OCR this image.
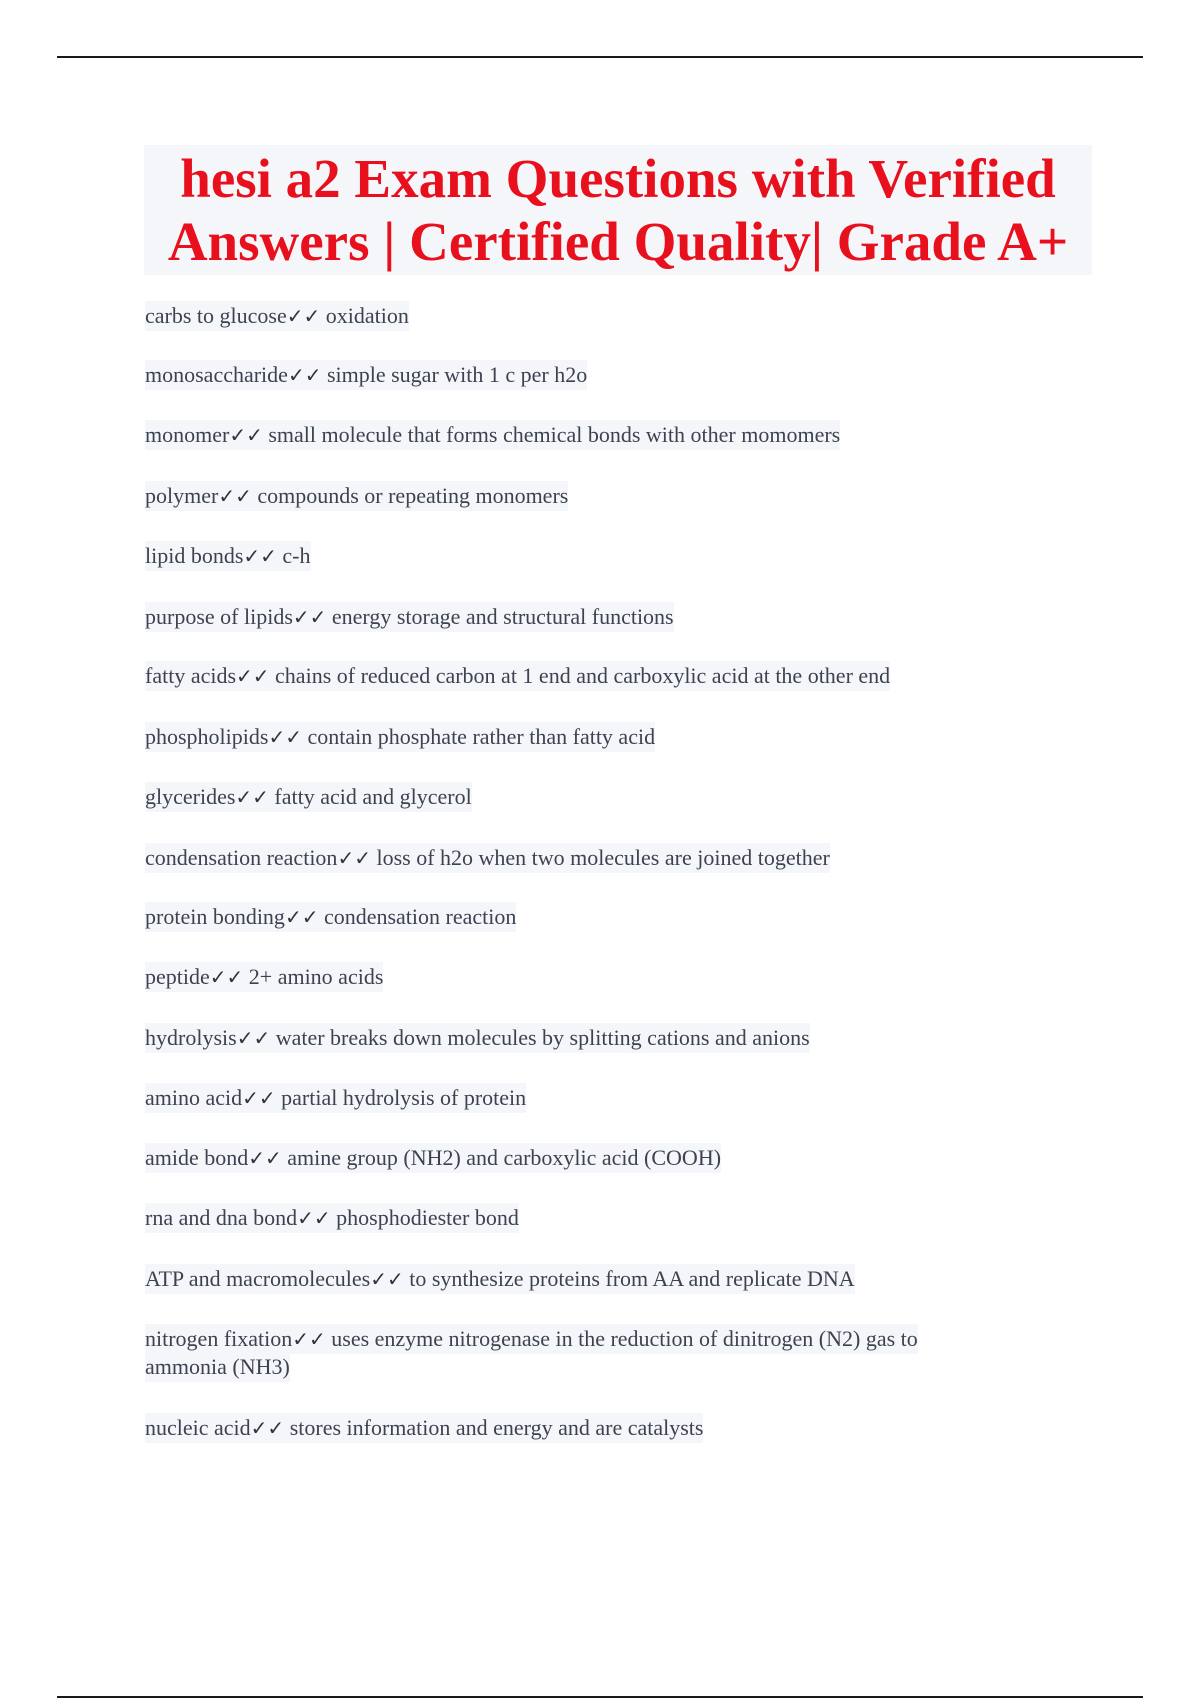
hesi a2 Exam Questions with Verified
Answers | Certified Quality| Grade A+
carbs to glucose✓✓ oxidation
monosaccharide✓✓ simple sugar with 1 c per h2o
monomer✓✓ small molecule that forms chemical bonds with other momomers
polymer✓✓ compounds or repeating monomers
lipid bonds✓✓ c-h
purpose of lipids✓✓ energy storage and structural functions
fatty acids✓✓ chains of reduced carbon at 1 end and carboxylic acid at the other end
phospholipids✓✓ contain phosphate rather than fatty acid
glycerides✓✓ fatty acid and glycerol
condensation reaction✓✓ loss of h2o when two molecules are joined together
protein bonding✓✓ condensation reaction
peptide✓✓ 2+ amino acids
hydrolysis✓✓ water breaks down molecules by splitting cations and anions
amino acid✓✓ partial hydrolysis of protein
amide bond✓✓ amine group (NH2) and carboxylic acid (COOH)
rna and dna bond✓✓ phosphodiester bond
ATP and macromolecules✓✓ to synthesize proteins from AA and replicate DNA
nitrogen fixation✓✓ uses enzyme nitrogenase in the reduction of dinitrogen (N2) gas to ammonia (NH3)
nucleic acid✓✓ stores information and energy and are catalysts
